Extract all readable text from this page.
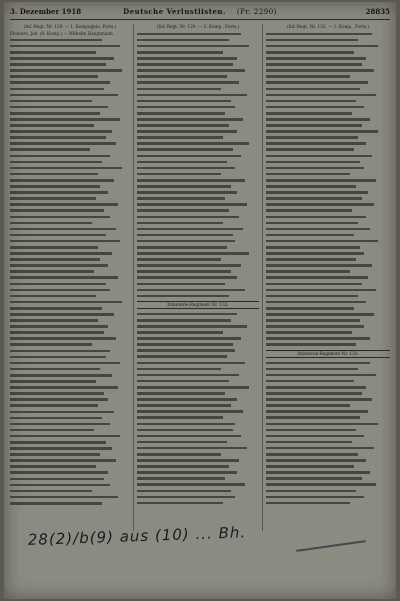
3. Dezember 1918	Deutsche Verlustlisten. (Pr. 2290)	28835
(Inf.-Regt. Nr. 129. — 1. Kompagnie, Forts.)
Pioniere, Joh. (4. Komp.) — Wilhelm Hauptmann
(Inf.-Regt. Nr. 129. — 2. Komp., Forts.)
Infanterie-Regiment Nr. 132.
(Inf.-Regt. Nr. 132. — 1. Komp., Forts.)
Infanterie-Regiment Nr. 133.
28(2)/b(9) aus (10) ... Bh.
